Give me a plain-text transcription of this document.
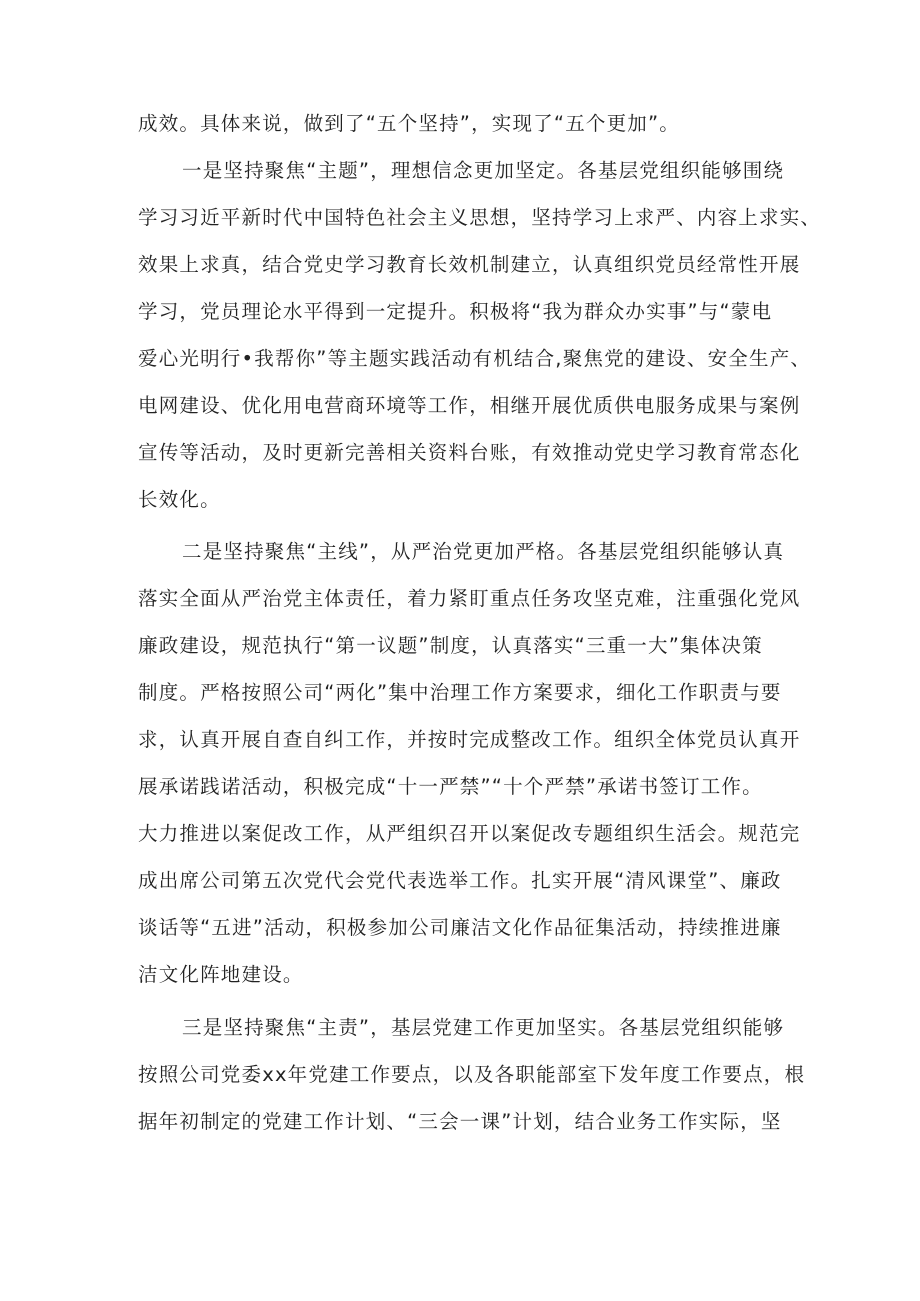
成效。具体来说，做到了“五个坚持”，实现了“五个更加”。

一是坚持聚焦“主题”，理想信念更加坚定。各基层党组织能够围绕

学习习近平新时代中国特色社会主义思想，坚持学习上求严、内容上求实、

效果上求真，结合党史学习教育长效机制建立，认真组织党员经常性开展

学习，党员理论水平得到一定提升。积极将“我为群众办实事”与“蒙电

爱心光明行•我帮你”等主题实践活动有机结合,聚焦党的建设、安全生产、

电网建设、优化用电营商环境等工作，相继开展优质供电服务成果与案例

宣传等活动，及时更新完善相关资料台账，有效推动党史学习教育常态化

长效化。

二是坚持聚焦“主线”，从严治党更加严格。各基层党组织能够认真

落实全面从严治党主体责任，着力紧盯重点任务攻坚克难，注重强化党风

廉政建设，规范执行“第一议题”制度，认真落实“三重一大”集体决策

制度。严格按照公司“两化”集中治理工作方案要求，细化工作职责与要

求，认真开展自查自纠工作，并按时完成整改工作。组织全体党员认真开

展承诺践诺活动，积极完成“十一严禁”“十个严禁”承诺书签订工作。

大力推进以案促改工作，从严组织召开以案促改专题组织生活会。规范完

成出席公司第五次党代会党代表选举工作。扎实开展“清风课堂”、廉政

谈话等“五进”活动，积极参加公司廉洁文化作品征集活动，持续推进廉

洁文化阵地建设。

三是坚持聚焦“主责”，基层党建工作更加坚实。各基层党组织能够

按照公司党委xx年党建工作要点，以及各职能部室下发年度工作要点，根

据年初制定的党建工作计划、“三会一课”计划，结合业务工作实际，坚
